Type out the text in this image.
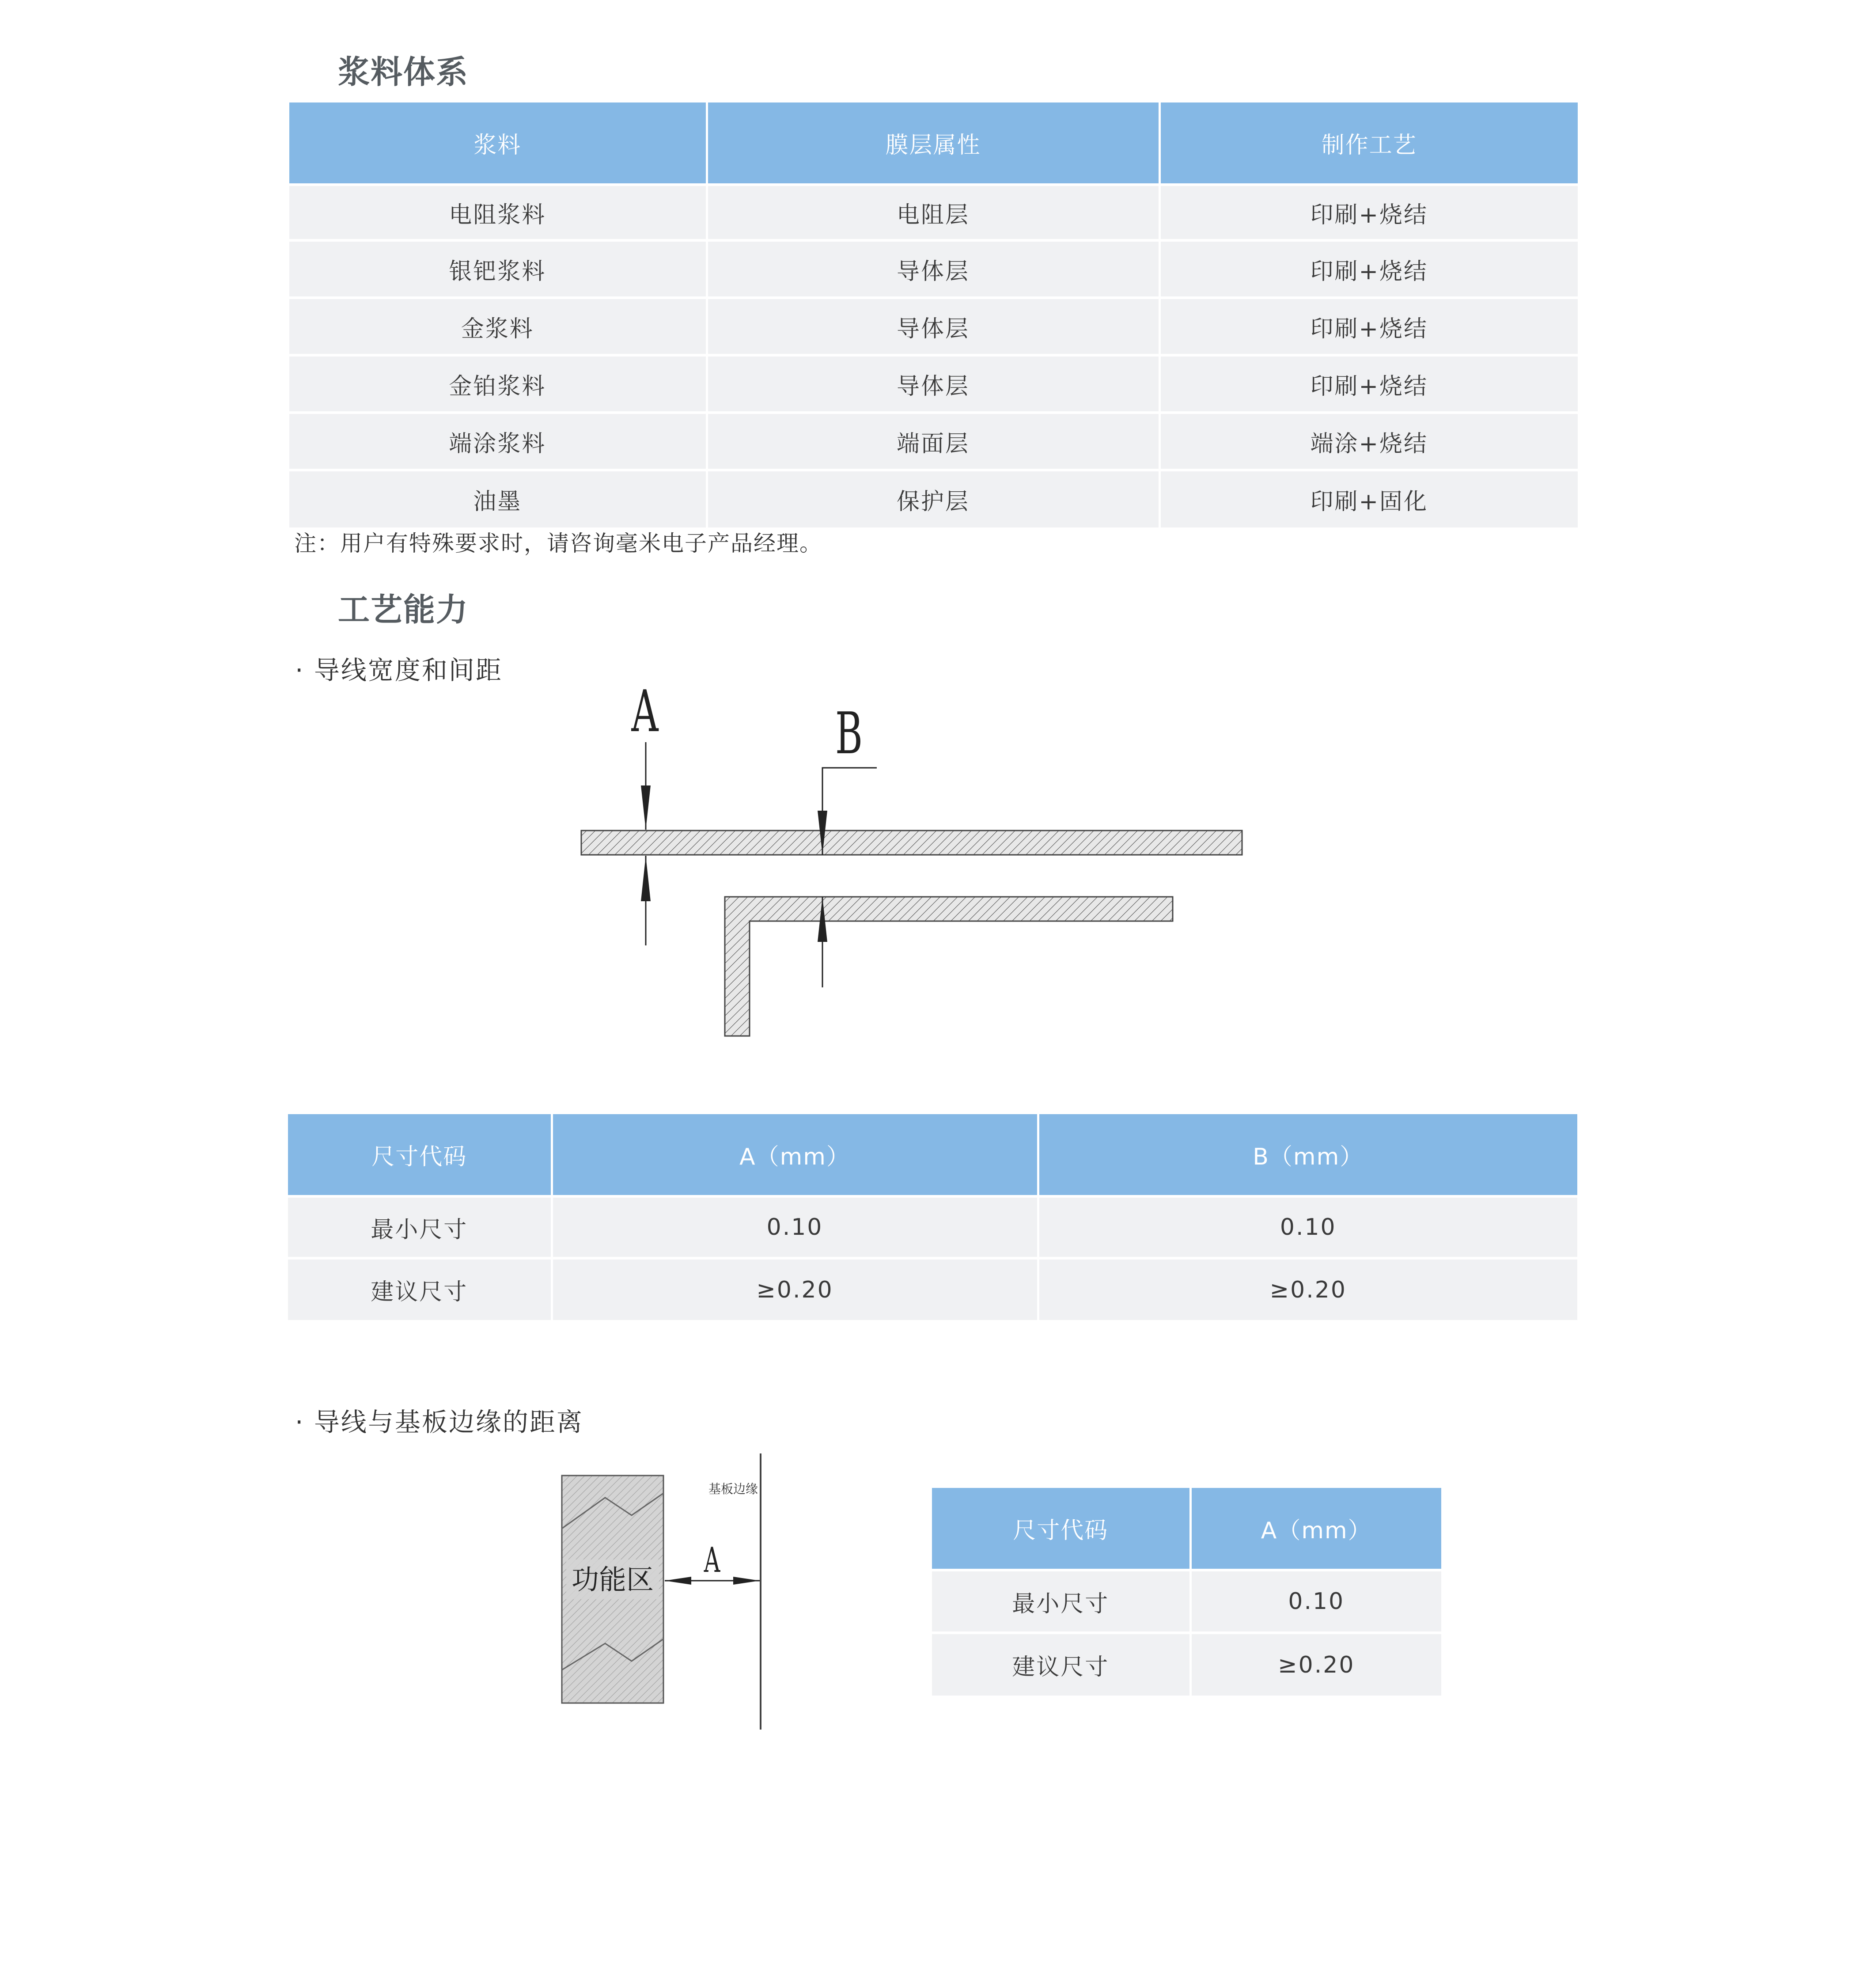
浆料体系
浆料	膜层属性	制作工艺
电阻浆料	电阻层	印刷+烧结
银钯浆料	导体层	印刷+烧结
金浆料	导体层	印刷+烧结
金铂浆料	导体层	印刷+烧结
端涂浆料	端面层	端涂+烧结
油墨	保护层	印刷+固化
注：用户有特殊要求时，请咨询毫米电子产品经理。
工艺能力
· 导线宽度和间距
A	B
尺寸代码	A（mm）	B（mm）
最小尺寸	0.10	0.10
建议尺寸	≥0.20	≥0.20
· 导线与基板边缘的距离
功能区 A
基板边缘
尺寸代码	A（mm）
最小尺寸	0.10
建议尺寸	≥0.20
